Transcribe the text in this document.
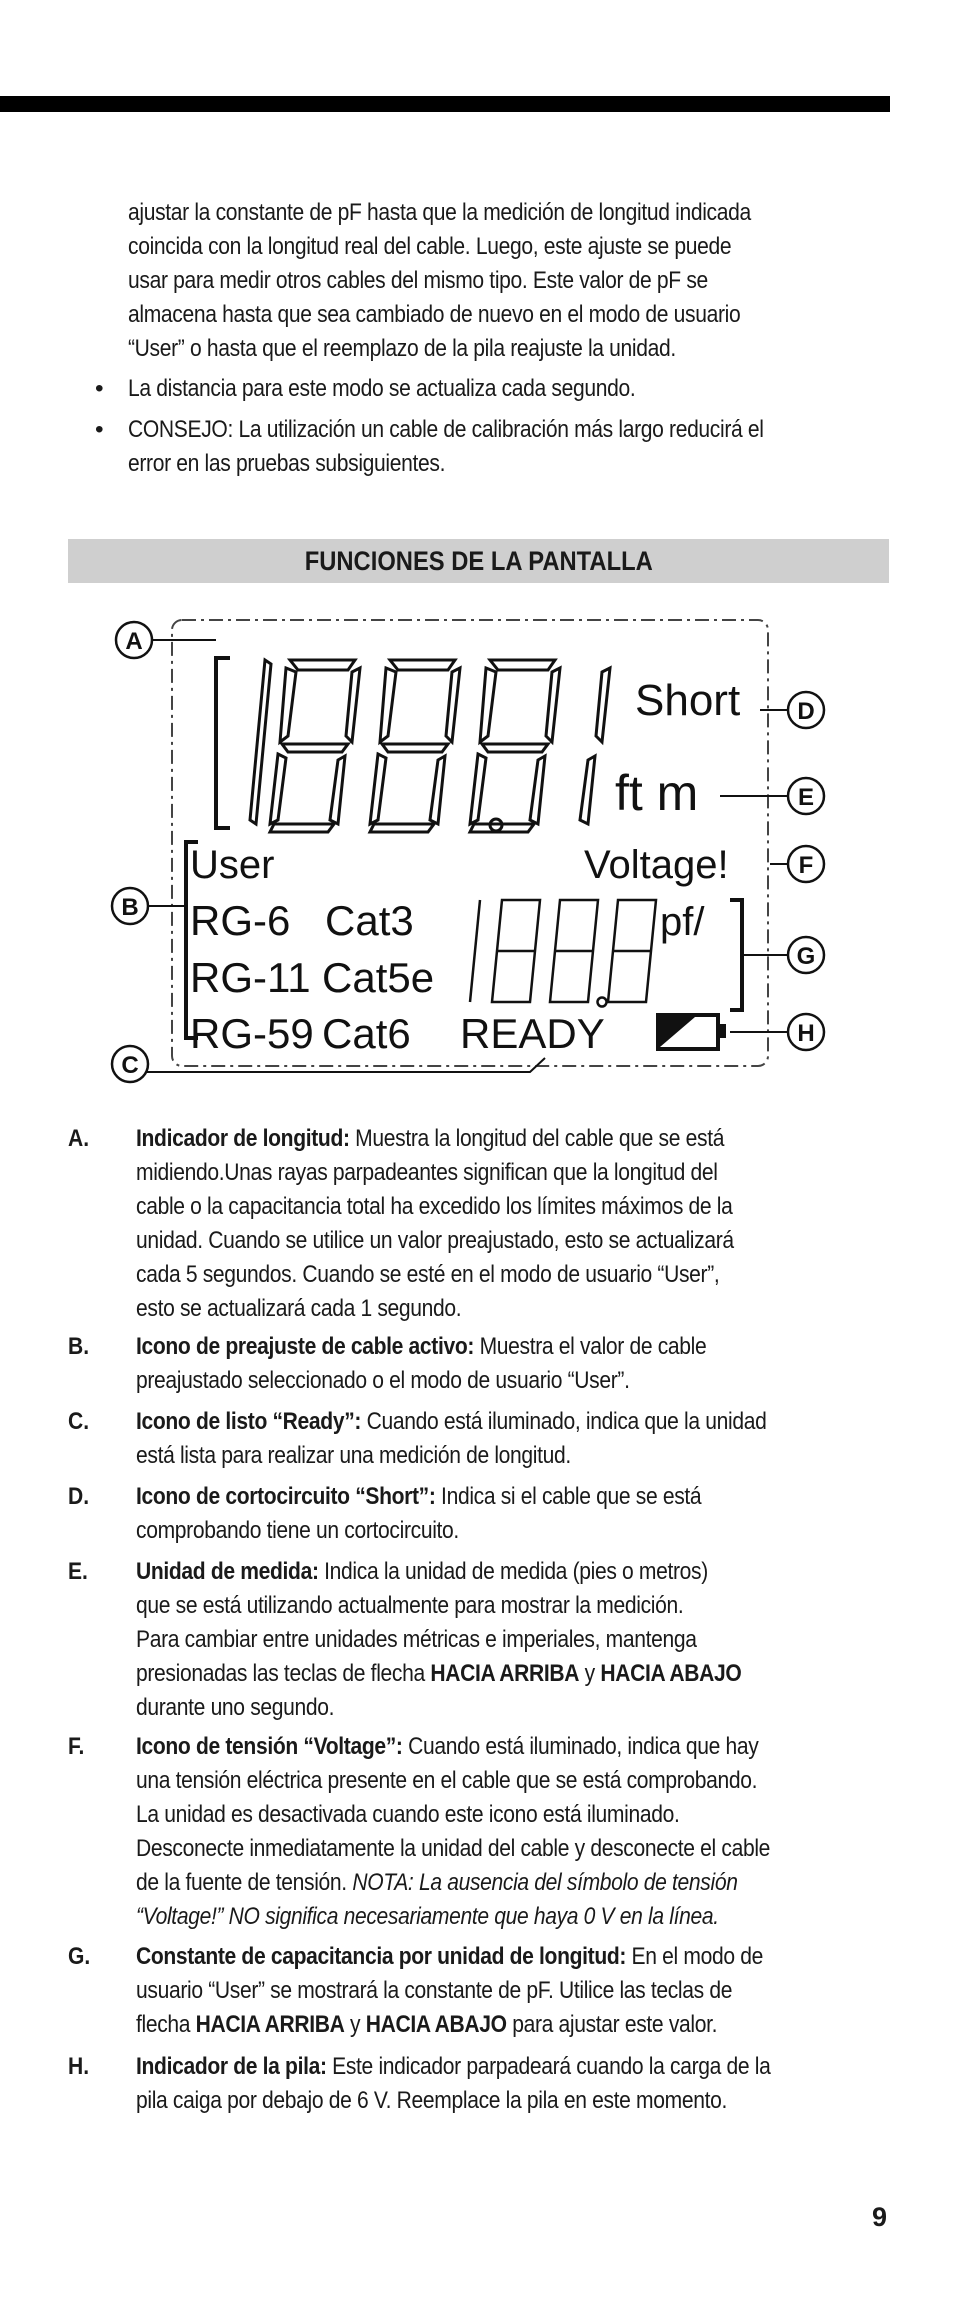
ajustar la constante de pF hasta que la medición de longitud indicada
coincida con la longitud real del cable. Luego, este ajuste se puede
usar para medir otros cables del mismo tipo. Este valor de pF se
almacena hasta que sea cambiado de nuevo en el modo de usuario
“User” o hasta que el reemplazo de la pila reajuste la unidad.
• La distancia para este modo se actualiza cada segundo.
• CONSEJO: La utilización un cable de calibración más largo reducirá el
error en las pruebas subsiguientes.
FUNCIONES DE LA PANTALLA
Short
ft m
User	Voltage!
RG-6 Cat3
RG-11 Cat5e
RG-59 Cat6 READY
pf/
A
B
C
D
E
F
G
H
A. Indicador de longitud: Muestra la longitud del cable que se está
midiendo.Unas rayas parpadeantes significan que la longitud del
cable o la capacitancia total ha excedido los límites máximos de la
unidad. Cuando se utilice un valor preajustado, esto se actualizará
cada 5 segundos. Cuando se esté en el modo de usuario “User”,
esto se actualizará cada 1 segundo.
B. Icono de preajuste de cable activo: Muestra el valor de cable
preajustado seleccionado o el modo de usuario “User”.
C. Icono de listo “Ready”: Cuando está iluminado, indica que la unidad
está lista para realizar una medición de longitud.
D. Icono de cortocircuito “Short”: Indica si el cable que se está
comprobando tiene un cortocircuito.
E. Unidad de medida: Indica la unidad de medida (pies o metros)
que se está utilizando actualmente para mostrar la medición.
Para cambiar entre unidades métricas e imperiales, mantenga
presionadas las teclas de flecha HACIA ARRIBA y HACIA ABAJO
durante uno segundo.
F. Icono de tensión “Voltage”: Cuando está iluminado, indica que hay
una tensión eléctrica presente en el cable que se está comprobando.
La unidad es desactivada cuando este icono está iluminado.
Desconecte inmediatamente la unidad del cable y desconecte el cable
de la fuente de tensión. NOTA: La ausencia del símbolo de tensión
“Voltage!” NO significa necesariamente que haya 0 V en la línea.
G. Constante de capacitancia por unidad de longitud: En el modo de
usuario “User” se mostrará la constante de pF. Utilice las teclas de
flecha HACIA ARRIBA y HACIA ABAJO para ajustar este valor.
H. Indicador de la pila: Este indicador parpadeará cuando la carga de la
pila caiga por debajo de 6 V. Reemplace la pila en este momento.
9
